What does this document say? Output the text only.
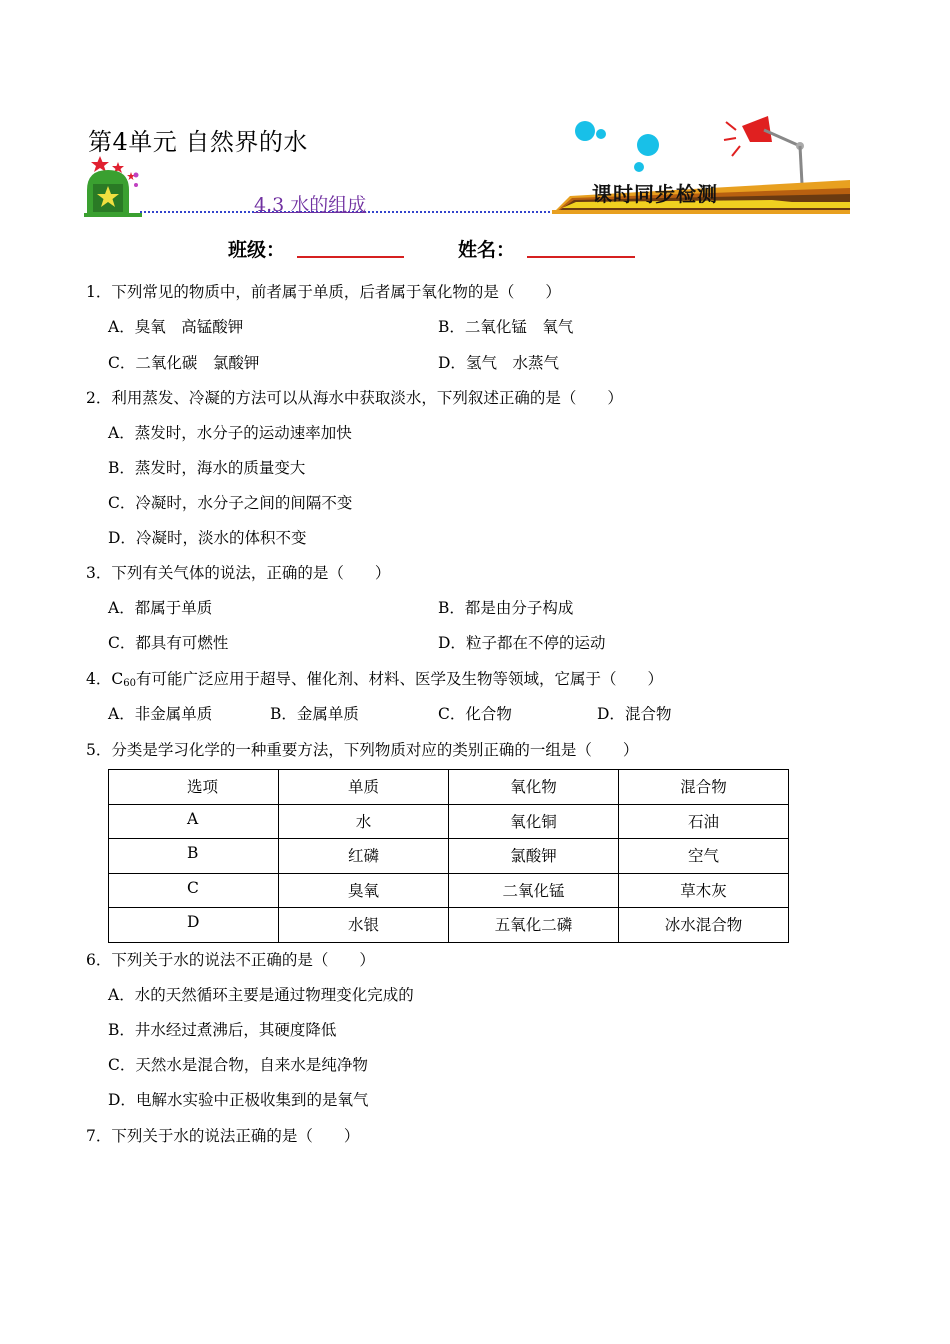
第4单元 自然界的水
4.3 水的组成	课时同步检测
班级：	姓名：
1．下列常见的物质中，前者属于单质，后者属于氧化物的是（　　）
A．臭氧　高锰酸钾	B．二氧化锰　氧气
C．二氧化碳　氯酸钾	D．氢气　水蒸气
2．利用蒸发、冷凝的方法可以从海水中获取淡水，下列叙述正确的是（　　）
A．蒸发时，水分子的运动速率加快
B．蒸发时，海水的质量变大
C．冷凝时，水分子之间的间隔不变
D．冷凝时，淡水的体积不变
3．下列有关气体的说法，正确的是（　　）
A．都属于单质	B．都是由分子构成
C．都具有可燃性	D．粒子都在不停的运动
4．$C_{60}$有可能广泛应用于超导、催化剂、材料、医学及生物等领域，它属于（　　）
A．非金属单质	B．金属单质	C．化合物	D．混合物
5．分类是学习化学的一种重要方法，下列物质对应的类别正确的一组是（　　）
选项	单质	氧化物	混合物
A	水	氧化铜	石油
B	红磷	氯酸钾	空气
C	臭氧	二氧化锰	草木灰
D	水银	五氧化二磷	冰水混合物
6．下列关于水的说法不正确的是（　　）
A．水的天然循环主要是通过物理变化完成的
B．井水经过煮沸后，其硬度降低
C．天然水是混合物，自来水是纯净物
D．电解水实验中正极收集到的是氧气
7．下列关于水的说法正确的是（　　）
